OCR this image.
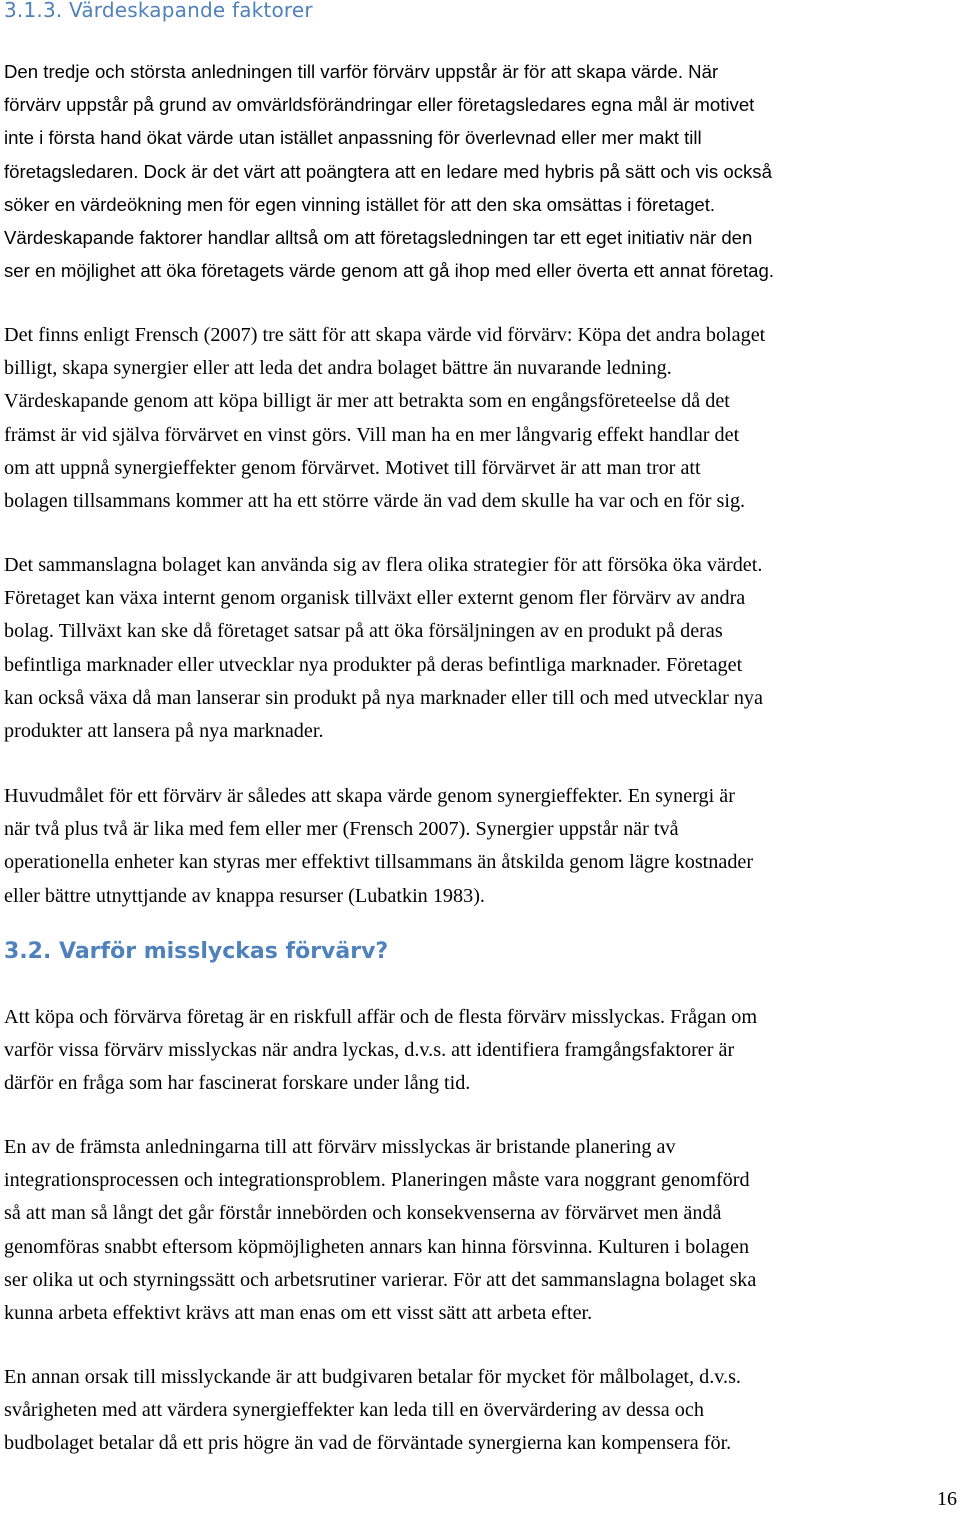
3.1.3. Värdeskapande faktorer

Den tredje och största anledningen till varför förvärv uppstår är för att skapa värde. När
förvärv uppstår på grund av omvärldsförändringar eller företagsledares egna mål är motivet
inte i första hand ökat värde utan istället anpassning för överlevnad eller mer makt till
företagsledaren. Dock är det värt att poängtera att en ledare med hybris på sätt och vis också
söker en värdeökning men för egen vinning istället för att den ska omsättas i företaget.
Värdeskapande faktorer handlar alltså om att företagsledningen tar ett eget initiativ när den
ser en möjlighet att öka företagets värde genom att gå ihop med eller överta ett annat företag.

Det finns enligt Frensch (2007) tre sätt för att skapa värde vid förvärv: Köpa det andra bolaget
billigt, skapa synergier eller att leda det andra bolaget bättre än nuvarande ledning.
Värdeskapande genom att köpa billigt är mer att betrakta som en engångsföreteelse då det
främst är vid själva förvärvet en vinst görs. Vill man ha en mer långvarig effekt handlar det
om att uppnå synergieffekter genom förvärvet. Motivet till förvärvet är att man tror att
bolagen tillsammans kommer att ha ett större värde än vad dem skulle ha var och en för sig.

Det sammanslagna bolaget kan använda sig av flera olika strategier för att försöka öka värdet.
Företaget kan växa internt genom organisk tillväxt eller externt genom fler förvärv av andra
bolag. Tillväxt kan ske då företaget satsar på att öka försäljningen av en produkt på deras
befintliga marknader eller utvecklar nya produkter på deras befintliga marknader. Företaget
kan också växa då man lanserar sin produkt på nya marknader eller till och med utvecklar nya
produkter att lansera på nya marknader.

Huvudmålet för ett förvärv är således att skapa värde genom synergieffekter. En synergi är
när två plus två är lika med fem eller mer (Frensch 2007). Synergier uppstår när två
operationella enheter kan styras mer effektivt tillsammans än åtskilda genom lägre kostnader
eller bättre utnyttjande av knappa resurser (Lubatkin 1983).

3.2. Varför misslyckas förvärv?

Att köpa och förvärva företag är en riskfull affär och de flesta förvärv misslyckas. Frågan om
varför vissa förvärv misslyckas när andra lyckas, d.v.s. att identifiera framgångsfaktorer är
därför en fråga som har fascinerat forskare under lång tid.

En av de främsta anledningarna till att förvärv misslyckas är bristande planering av
integrationsprocessen och integrationsproblem. Planeringen måste vara noggrant genomförd
så att man så långt det går förstår innebörden och konsekvenserna av förvärvet men ändå
genomföras snabbt eftersom köpmöjligheten annars kan hinna försvinna. Kulturen i bolagen
ser olika ut och styrningssätt och arbetsrutiner varierar. För att det sammanslagna bolaget ska
kunna arbeta effektivt krävs att man enas om ett visst sätt att arbeta efter.

En annan orsak till misslyckande är att budgivaren betalar för mycket för målbolaget, d.v.s.
svårigheten med att värdera synergieffekter kan leda till en övervärdering av dessa och
budbolaget betalar då ett pris högre än vad de förväntade synergierna kan kompensera för.

16
